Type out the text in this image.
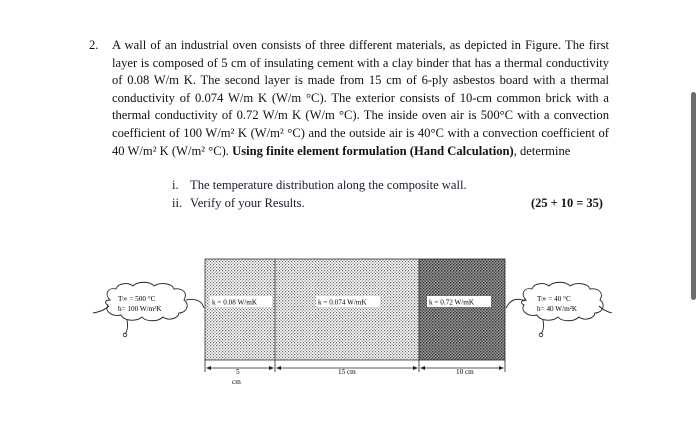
2. A wall of an industrial oven consists of three different materials, as depicted in Figure. The first layer is composed of 5 cm of insulating cement with a clay binder that has a thermal conductivity of 0.08 W/m K. The second layer is made from 15 cm of 6-ply asbestos board with a thermal conductivity of 0.074 W/m K (W/m °C). The exterior consists of 10-cm common brick with a thermal conductivity of 0.72 W/m K (W/m °C). The inside oven air is 500°C with a convection coefficient of 100 W/m² K (W/m² °C) and the outside air is 40°C with a convection coefficient of 40 W/m² K (W/m² °C). Using finite element formulation (Hand Calculation), determine
i. The temperature distribution along the composite wall.
ii. Verify of your Results.	(25 + 10 = 35)
k = 0.08 W/mK	k = 0.074 W/mK	k = 0.72 W/mK
5
cm
15 cm	10 cm
T∞ = 500 °C
h= 100 W/m²K
T∞ = 40 °C
h= 40 W/m²K
